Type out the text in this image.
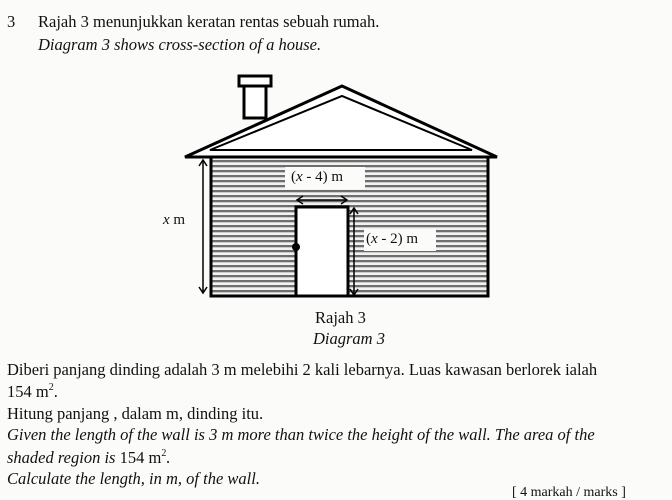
3 Rajah 3 menunjukkan keratan rentas sebuah rumah.
Diagram 3 shows cross-section of a house.
(x - 4) m
(x - 2) m
x m
Rajah 3
Diagram 3
Diberi panjang dinding adalah 3 m melebihi 2 kali lebarnya. Luas kawasan berlorek ialah
154 $m^2$.
Hitung panjang , dalam m, dinding itu.
Given the length of the wall is 3 m more than twice the height of the wall. The area of the
shaded region is 154 $m^2$.
Calculate the length, in m, of the wall.
[ 4 markah / marks ]
